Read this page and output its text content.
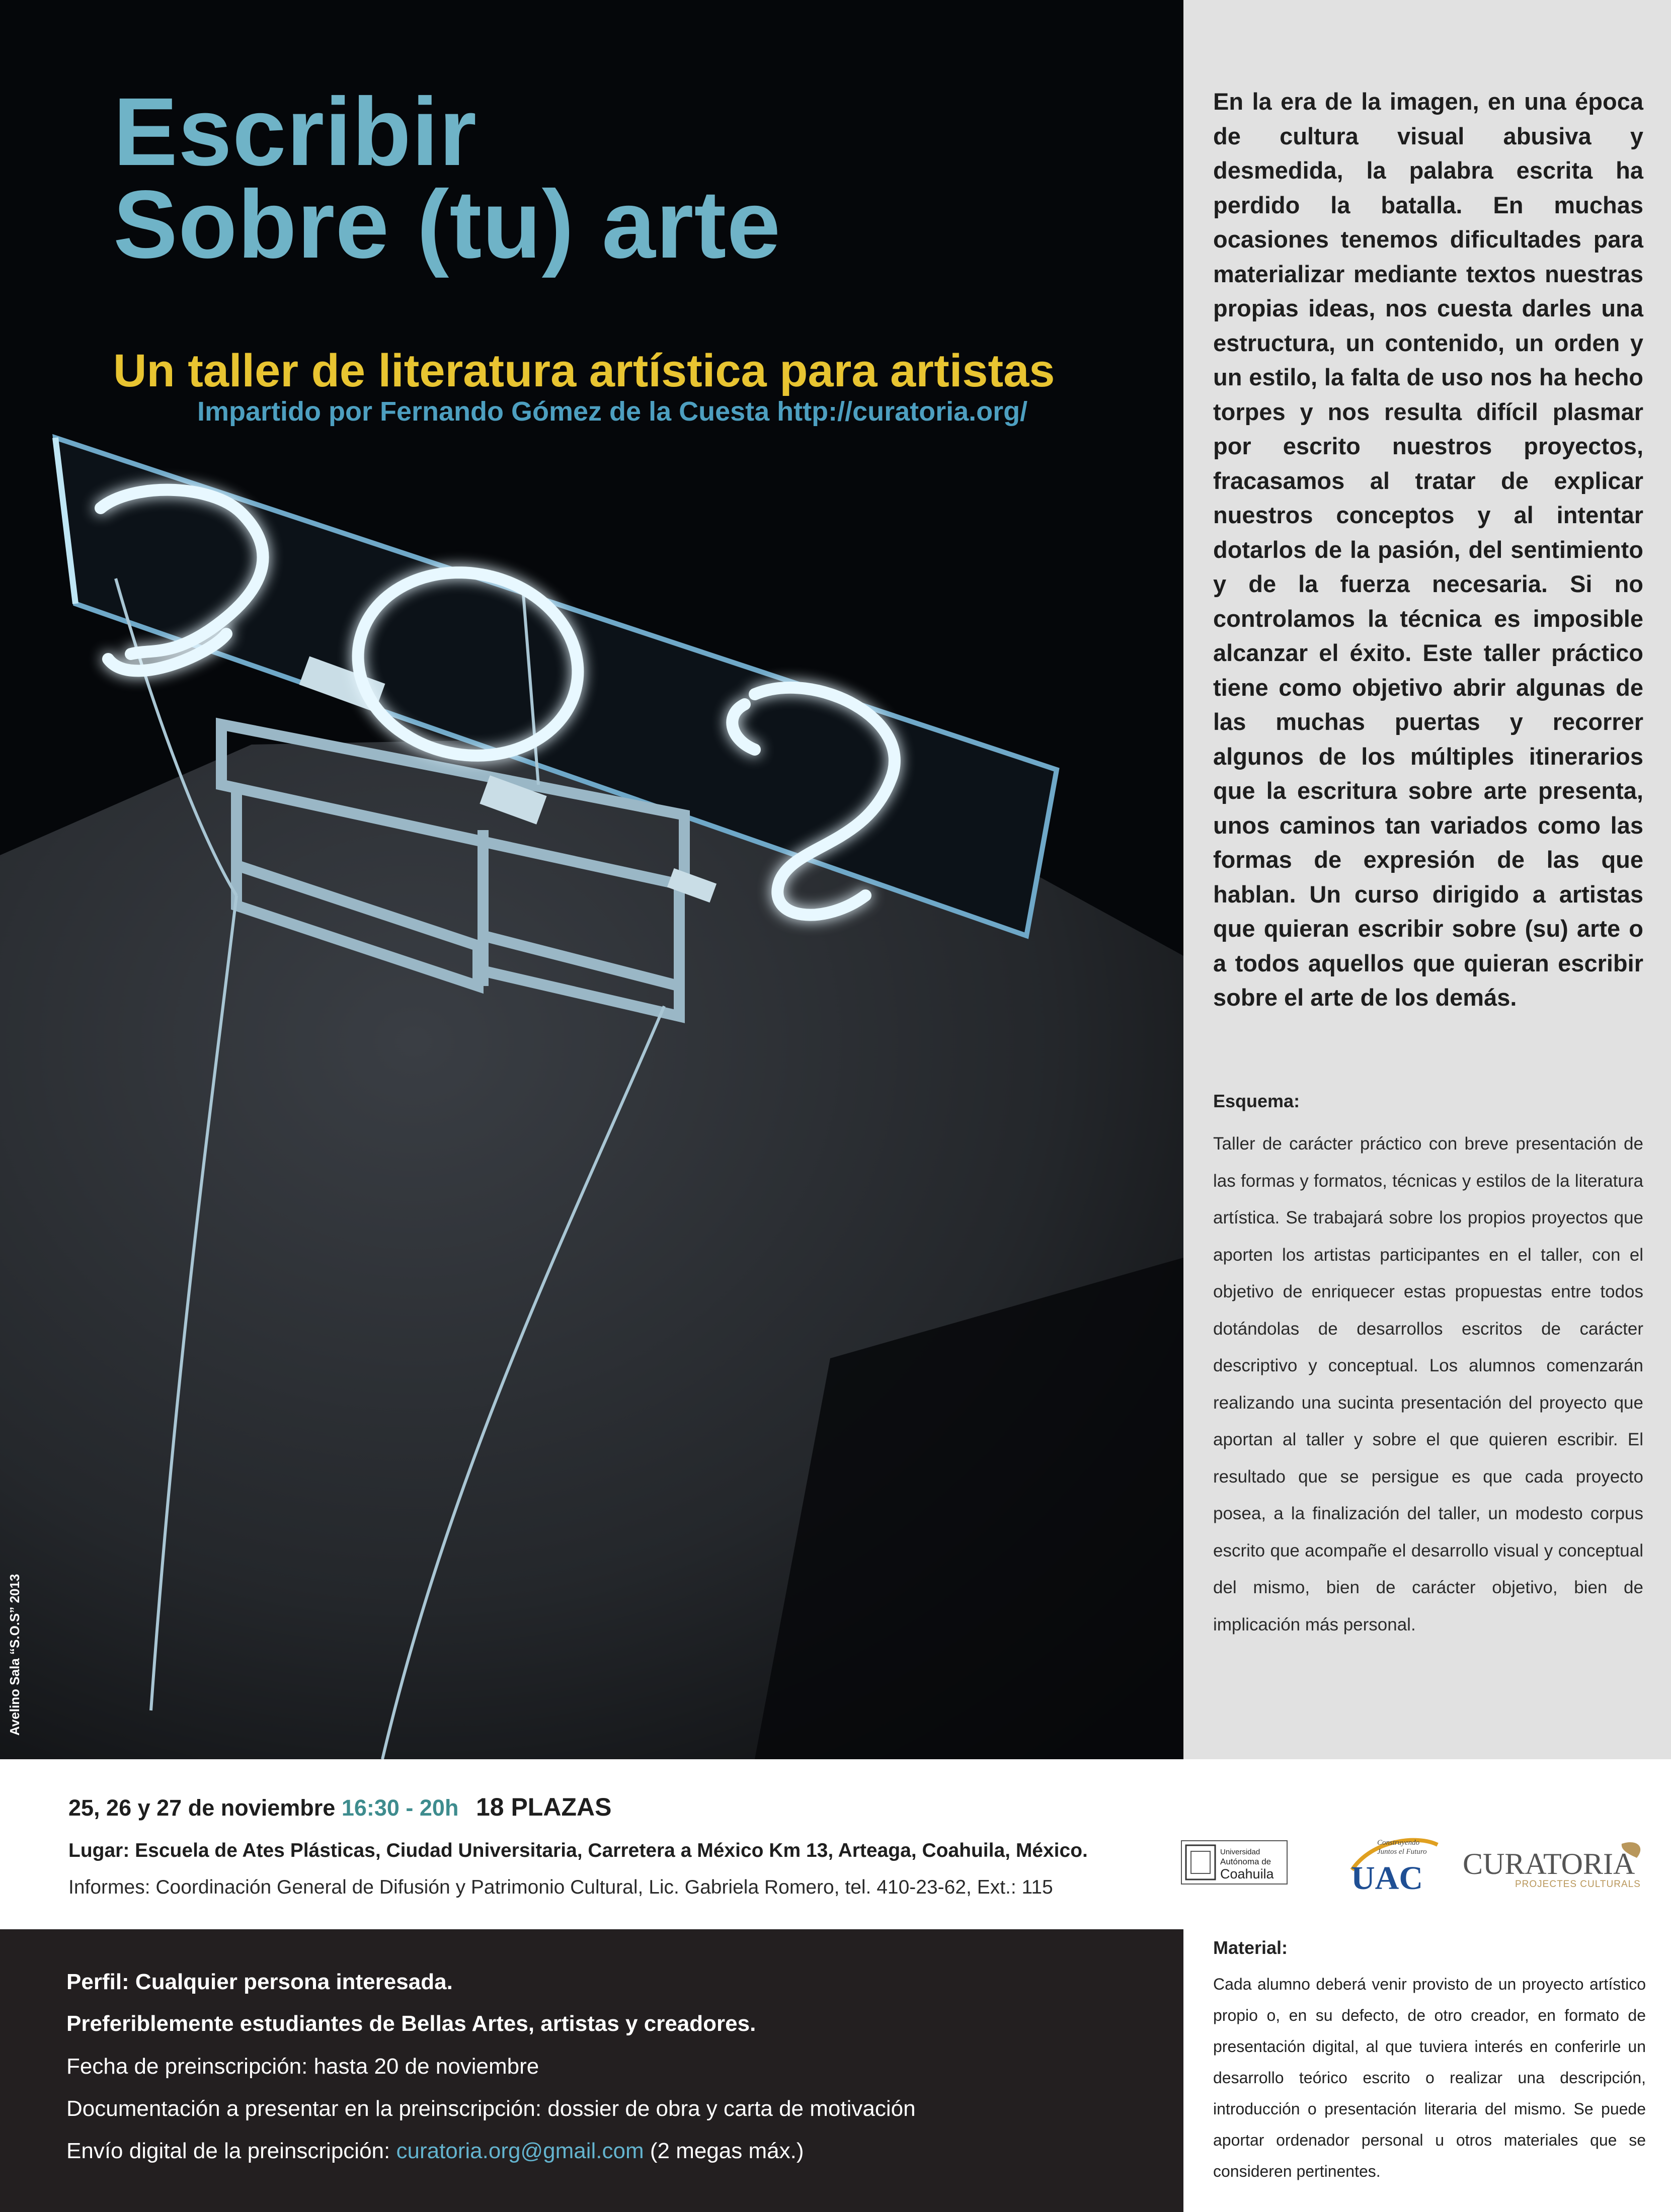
Escribir
Sobre (tu) arte
Un taller de literatura artística para artistas
Impartido por Fernando Gómez de la Cuesta http://curatoria.org/
Avelino Sala “S.O.S” 2013
En la era de la imagen, en una época de cultura visual abusiva y desmedida, la palabra escrita ha perdido la batalla. En muchas ocasiones tenemos dificultades para materializar mediante textos nuestras propias ideas, nos cuesta darles una estructura, un contenido, un orden y un estilo, la falta de uso nos ha hecho torpes y nos resulta difícil plasmar por escrito nuestros proyectos, fracasamos al tratar de explicar nuestros conceptos y al intentar dotarlos de la pasión, del sentimiento y de la fuerza necesaria. Si no controlamos la técnica es imposible alcanzar el éxito. Este taller práctico tiene como objetivo abrir algunas de las muchas puertas y recorrer algunos de los múltiples itinerarios que la escritura sobre arte presenta, unos caminos tan variados como las formas de expresión de las que hablan. Un curso dirigido a artistas que quieran escribir sobre (su) arte o a todos aquellos que quieran escribir sobre el arte de los demás.
Esquema:
Taller de carácter práctico con breve presentación de las formas y formatos, técnicas y estilos de la literatura artística. Se trabajará sobre los propios proyectos que aporten los artistas participantes en el taller, con el objetivo de enriquecer estas propuestas entre todos dotándolas de desarrollos escritos de carácter descriptivo y conceptual. Los alumnos comenzarán realizando una sucinta presentación del proyecto que aportan al taller y sobre el que quieren escribir. El resultado que se persigue es que cada proyecto posea, a la finalización del taller, un modesto corpus escrito que acompañe el desarrollo visual y conceptual del mismo, bien de carácter objetivo, bien de implicación más personal.
25, 26 y 27 de noviembre 16:30 - 20h 18 PLAZAS
Lugar: Escuela de Ates Plásticas, Ciudad Universitaria, Carretera a México Km 13, Arteaga, Coahuila, México.
Informes: Coordinación General de Difusión y Patrimonio Cultural, Lic. Gabriela Romero, tel. 410-23-62, Ext.: 115
Universidad
Autónoma de
Coahuila
Construyendo
Juntos el Futuro
UAC CURATORIA
PROJECTES CULTURALS
Perfil: Cualquier persona interesada.
Preferiblemente estudiantes de Bellas Artes, artistas y creadores.
Fecha de preinscripción: hasta 20 de noviembre
Documentación a presentar en la preinscripción: dossier de obra y carta de motivación
Envío digital de la preinscripción: curatoria.org@gmail.com (2 megas máx.)
Material:
Cada alumno deberá venir provisto de un proyecto artístico propio o, en su defecto, de otro creador, en formato de presentación digital, al que tuviera interés en conferirle un desarrollo teórico escrito o realizar una descripción, introducción o presentación literaria del mismo. Se puede aportar ordenador personal u otros materiales que se consideren pertinentes.
